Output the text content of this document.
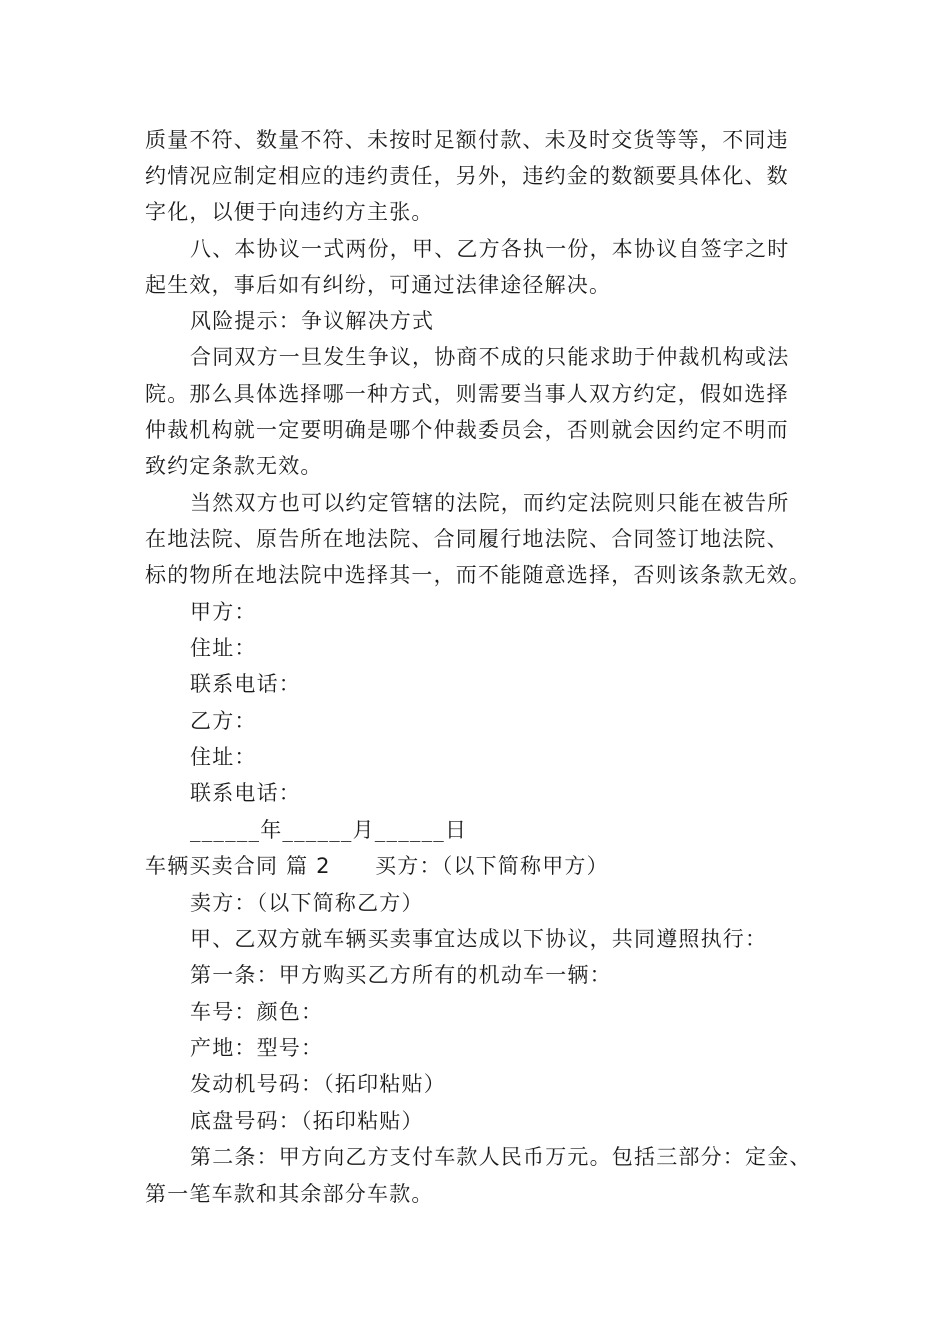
质量不符、数量不符、未按时足额付款、未及时交货等等，不同违
约情况应制定相应的违约责任，另外，违约金的数额要具体化、数
字化，以便于向违约方主张。
八、本协议一式两份，甲、乙方各执一份，本协议自签字之时
起生效，事后如有纠纷，可通过法律途径解决。
风险提示：争议解决方式
合同双方一旦发生争议，协商不成的只能求助于仲裁机构或法
院。那么具体选择哪一种方式，则需要当事人双方约定，假如选择
仲裁机构就一定要明确是哪个仲裁委员会，否则就会因约定不明而
致约定条款无效。
当然双方也可以约定管辖的法院，而约定法院则只能在被告所
在地法院、原告所在地法院、合同履行地法院、合同签订地法院、
标的物所在地法院中选择其一，而不能随意选择，否则该条款无效。
甲方：
住址：
联系电话：
乙方：
住址：
联系电话：
______年______月______日
车辆买卖合同 篇 2　　买方：（以下简称甲方）
卖方：（以下简称乙方）
甲、乙双方就车辆买卖事宜达成以下协议，共同遵照执行：
第一条：甲方购买乙方所有的机动车一辆：
车号：颜色：
产地：型号：
发动机号码：（拓印粘贴）
底盘号码：（拓印粘贴）
第二条：甲方向乙方支付车款人民币万元。包括三部分：定金、
第一笔车款和其余部分车款。
